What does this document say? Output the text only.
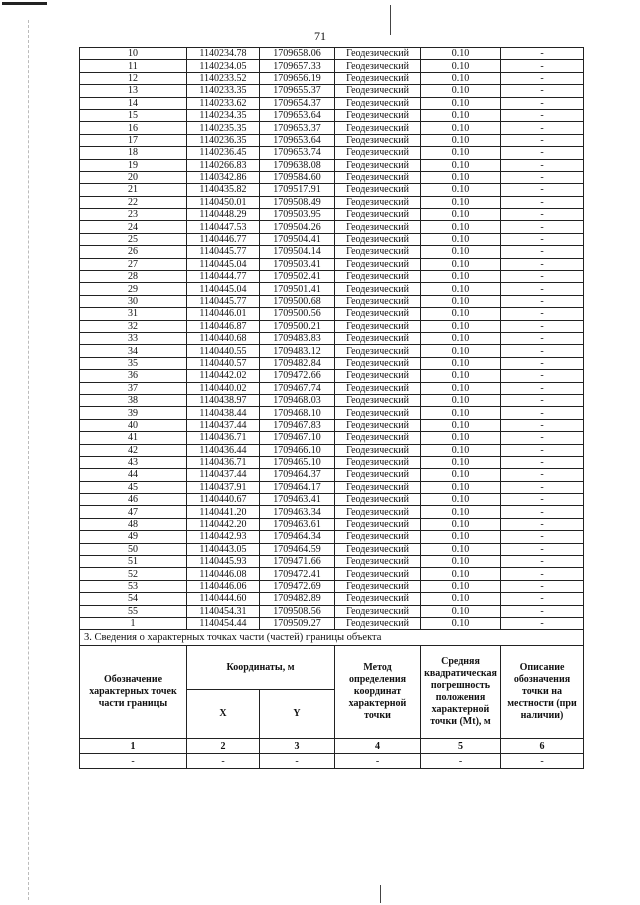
71
10	1140234.78	1709658.06	Геодезический	0.10	-
11	1140234.05	1709657.33	Геодезический	0.10	-
12	1140233.52	1709656.19	Геодезический	0.10	-
13	1140233.35	1709655.37	Геодезический	0.10	-
14	1140233.62	1709654.37	Геодезический	0.10	-
15	1140234.35	1709653.64	Геодезический	0.10	-
16	1140235.35	1709653.37	Геодезический	0.10	-
17	1140236.35	1709653.64	Геодезический	0.10	-
18	1140236.45	1709653.74	Геодезический	0.10	-
19	1140266.83	1709638.08	Геодезический	0.10	-
20	1140342.86	1709584.60	Геодезический	0.10	-
21	1140435.82	1709517.91	Геодезический	0.10	-
22	1140450.01	1709508.49	Геодезический	0.10	-
23	1140448.29	1709503.95	Геодезический	0.10	-
24	1140447.53	1709504.26	Геодезический	0.10	-
25	1140446.77	1709504.41	Геодезический	0.10	-
26	1140445.77	1709504.14	Геодезический	0.10	-
27	1140445.04	1709503.41	Геодезический	0.10	-
28	1140444.77	1709502.41	Геодезический	0.10	-
29	1140445.04	1709501.41	Геодезический	0.10	-
30	1140445.77	1709500.68	Геодезический	0.10	-
31	1140446.01	1709500.56	Геодезический	0.10	-
32	1140446.87	1709500.21	Геодезический	0.10	-
33	1140440.68	1709483.83	Геодезический	0.10	-
34	1140440.55	1709483.12	Геодезический	0.10	-
35	1140440.57	1709482.84	Геодезический	0.10	-
36	1140442.02	1709472.66	Геодезический	0.10	-
37	1140440.02	1709467.74	Геодезический	0.10	-
38	1140438.97	1709468.03	Геодезический	0.10	-
39	1140438.44	1709468.10	Геодезический	0.10	-
40	1140437.44	1709467.83	Геодезический	0.10	-
41	1140436.71	1709467.10	Геодезический	0.10	-
42	1140436.44	1709466.10	Геодезический	0.10	-
43	1140436.71	1709465.10	Геодезический	0.10	-
44	1140437.44	1709464.37	Геодезический	0.10	-
45	1140437.91	1709464.17	Геодезический	0.10	-
46	1140440.67	1709463.41	Геодезический	0.10	-
47	1140441.20	1709463.34	Геодезический	0.10	-
48	1140442.20	1709463.61	Геодезический	0.10	-
49	1140442.93	1709464.34	Геодезический	0.10	-
50	1140443.05	1709464.59	Геодезический	0.10	-
51	1140445.93	1709471.66	Геодезический	0.10	-
52	1140446.08	1709472.41	Геодезический	0.10	-
53	1140446.06	1709472.69	Геодезический	0.10	-
54	1140444.60	1709482.89	Геодезический	0.10	-
55	1140454.31	1709508.56	Геодезический	0.10	-
1	1140454.44	1709509.27	Геодезический	0.10	-
3. Сведения о характерных точках части (частей) границы объекта					
Обозначение характерных точек части границы	Координаты, м		Метод определения координат характерной точки	Средняя квадратическая погрешность положения характерной точки (Mt), м	Описание обозначения точки на местности (при наличии)
	X	Y			
1	2	3	4	5	6
-	-	-	-	-	-
